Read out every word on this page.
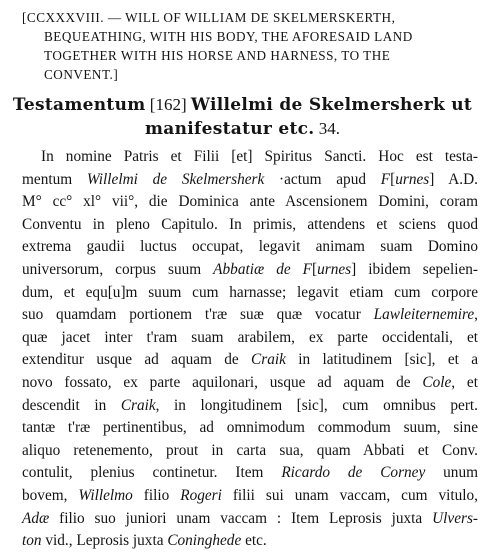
[CCXXXVIII. — WILL OF WILLIAM DE SKELMERSKERTH,
BEQUEATHING, WITH HIS BODY, THE AFORESAID LAND
TOGETHER WITH HIS HORSE AND HARNESS, TO THE
CONVENT.]
Testamentum [162] Willelmi de Skelmersherk ut
manifestatur etc. 34.
In nomine Patris et Filii [et] Spiritus Sancti. Hoc est testa-
mentum Willelmi de Skelmersherk ·actum apud F[urnes] A.D.
M° cc° xl° vii°, die Dominica ante Ascensionem Domini, coram
Conventu in pleno Capitulo. In primis, attendens et sciens quod
extrema gaudii luctus occupat, legavit animam suam Domino
universorum, corpus suum Abbatiæ de F[urnes] ibidem sepelien-
dum, et equ[u]m suum cum harnasse; legavit etiam cum corpore
suo quamdam portionem t'ræ suæ quæ vocatur Lawleiternemire,
quæ jacet inter t'ram suam arabilem, ex parte occidentali, et
extenditur usque ad aquam de Craik in latitudinem [sic], et a
novo fossato, ex parte aquilonari, usque ad aquam de Cole, et
descendit in Craik, in longitudinem [sic], cum omnibus pert.
tantæ t'ræ pertinentibus, ad omnimodum commodum suum, sine
aliquo retenemento, prout in carta sua, quam Abbati et Conv.
contulit, plenius continetur. Item Ricardo de Corney unum
bovem, Willelmo filio Rogeri filii sui unam vaccam, cum vitulo,
Adæ filio suo juniori unam vaccam : Item Leprosis juxta Ulvers-
ton vid., Leprosis juxta Coninghede etc.
